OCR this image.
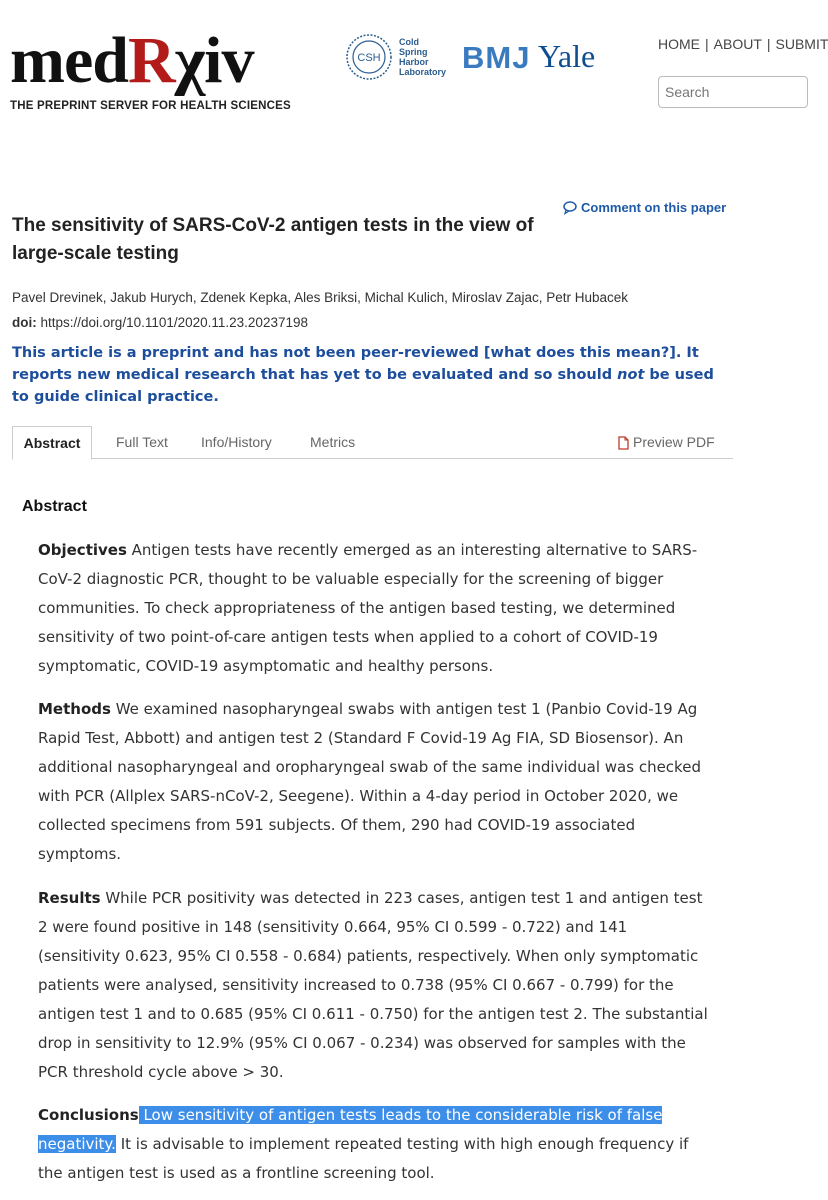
medRχiv
THE PREPRINT SERVER FOR HEALTH SCIENCES
CSH
Cold
Spring
Harbor
Laboratory BMJ Yale	HOME | ABOUT | SUBMIT
Search
Comment on this paper
The sensitivity of SARS-CoV-2 antigen tests in the view of large-scale testing
Pavel Drevinek, Jakub Hurych, Zdenek Kepka, Ales Briksi, Michal Kulich, Miroslav Zajac, Petr Hubacek
doi: https://doi.org/10.1101/2020.11.23.20237198
This article is a preprint and has not been peer-reviewed [what does this mean?]. It reports new medical research that has yet to be evaluated and so should not be used to guide clinical practice.
Abstract	Full Text Info/History	Metrics	Preview PDF
Abstract
Objectives Antigen tests have recently emerged as an interesting alternative to SARS-CoV-2 diagnostic PCR, thought to be valuable especially for the screening of bigger communities. To check appropriateness of the antigen based testing, we determined sensitivity of two point-of-care antigen tests when applied to a cohort of COVID-19 symptomatic, COVID-19 asymptomatic and healthy persons.
Methods We examined nasopharyngeal swabs with antigen test 1 (Panbio Covid-19 Ag Rapid Test, Abbott) and antigen test 2 (Standard F Covid-19 Ag FIA, SD Biosensor). An additional nasopharyngeal and oropharyngeal swab of the same individual was checked with PCR (Allplex SARS-nCoV-2, Seegene). Within a 4-day period in October 2020, we collected specimens from 591 subjects. Of them, 290 had COVID-19 associated symptoms.
Results While PCR positivity was detected in 223 cases, antigen test 1 and antigen test 2 were found positive in 148 (sensitivity 0.664, 95% CI 0.599 - 0.722) and 141 (sensitivity 0.623, 95% CI 0.558 - 0.684) patients, respectively. When only symptomatic patients were analysed, sensitivity increased to 0.738 (95% CI 0.667 - 0.799) for the antigen test 1 and to 0.685 (95% CI 0.611 - 0.750) for the antigen test 2. The substantial drop in sensitivity to 12.9% (95% CI 0.067 - 0.234) was observed for samples with the PCR threshold cycle above > 30.
Conclusions Low sensitivity of antigen tests leads to the considerable risk of false negativity. It is advisable to implement repeated testing with high enough frequency if the antigen test is used as a frontline screening tool.
